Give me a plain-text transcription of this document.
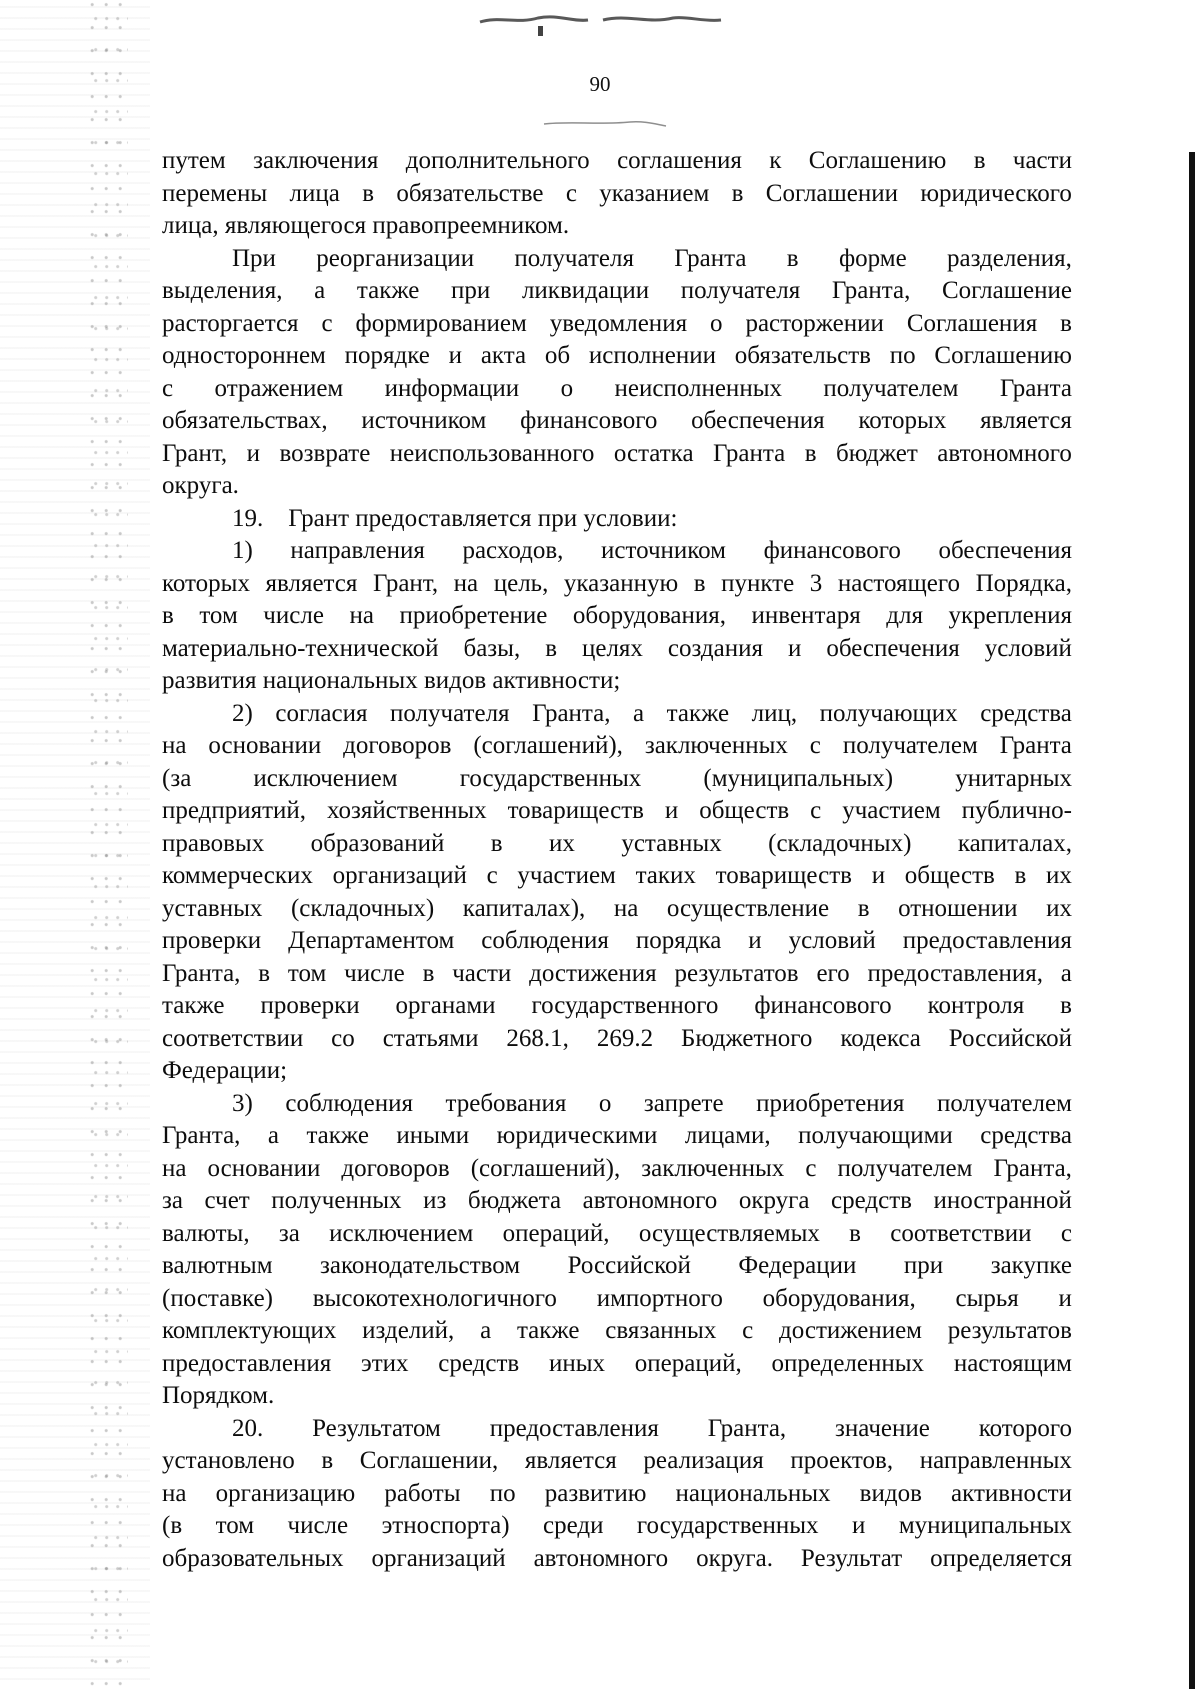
90
путем заключения дополнительного соглашения к Соглашению в части
перемены лица в обязательстве с указанием в Соглашении юридического
лица, являющегося правопреемником.
При реорганизации получателя Гранта в форме разделения,
выделения, а также при ликвидации получателя Гранта, Соглашение
расторгается с формированием уведомления о расторжении Соглашения в
одностороннем порядке и акта об исполнении обязательств по Соглашению
с отражением информации о неисполненных получателем Гранта
обязательствах, источником финансового обеспечения которых является
Грант, и возврате неиспользованного остатка Гранта в бюджет автономного
округа.
19.    Грант предоставляется при условии:
1) направления расходов, источником финансового обеспечения
которых является Грант, на цель, указанную в пункте 3 настоящего Порядка,
в том числе на приобретение оборудования, инвентаря для укрепления
материально-технической базы, в целях создания и обеспечения условий
развития национальных видов активности;
2) согласия получателя Гранта, а также лиц, получающих средства
на основании договоров (соглашений), заключенных с получателем Гранта
(за исключением государственных (муниципальных) унитарных
предприятий, хозяйственных товариществ и обществ с участием публично-
правовых образований в их уставных (складочных) капиталах,
коммерческих организаций с участием таких товариществ и обществ в их
уставных (складочных) капиталах), на осуществление в отношении их
проверки Департаментом соблюдения порядка и условий предоставления
Гранта, в том числе в части достижения результатов его предоставления, а
также проверки органами государственного финансового контроля в
соответствии со статьями 268.1, 269.2 Бюджетного кодекса Российской
Федерации;
3) соблюдения требования о запрете приобретения получателем
Гранта, а также иными юридическими лицами, получающими средства
на основании договоров (соглашений), заключенных с получателем Гранта,
за счет полученных из бюджета автономного округа средств иностранной
валюты, за исключением операций, осуществляемых в соответствии с
валютным законодательством Российской Федерации при закупке
(поставке) высокотехнологичного импортного оборудования, сырья и
комплектующих изделий, а также связанных с достижением результатов
предоставления этих средств иных операций, определенных настоящим
Порядком.
20. Результатом предоставления Гранта, значение которого
установлено в Соглашении, является реализация проектов, направленных
на организацию работы по развитию национальных видов активности
(в том числе этноспорта) среди государственных и муниципальных
образовательных организаций автономного округа. Результат определяется
